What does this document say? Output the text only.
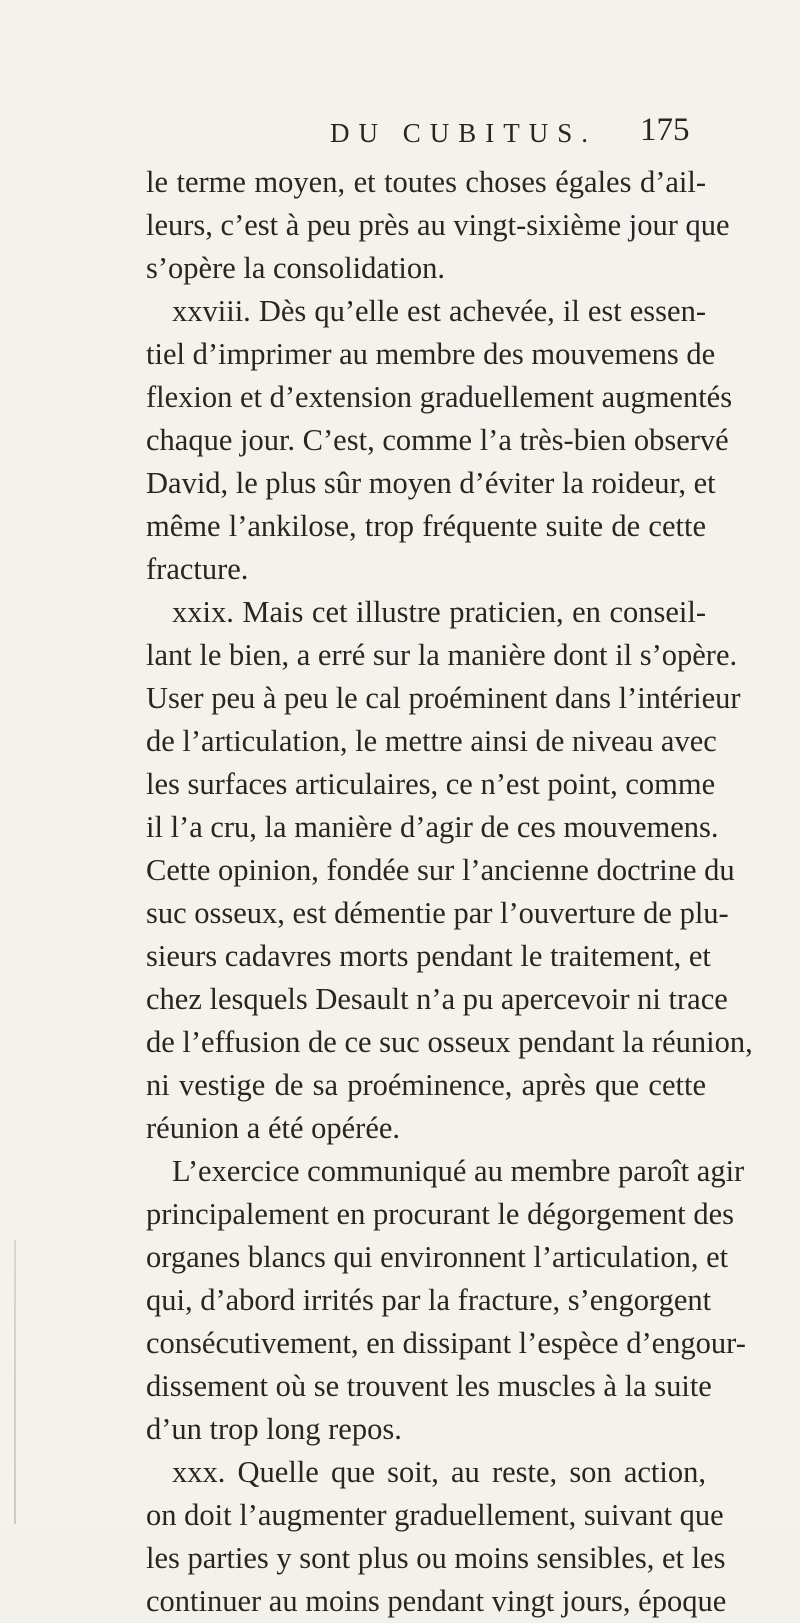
DU CUBITUS. 175
le terme moyen, et toutes choses égales d’ail-
leurs, c’est à peu près au vingt-sixième jour que
s’opère la consolidation.
xxviii. Dès qu’elle est achevée, il est essen-
tiel d’imprimer au membre des mouvemens de
flexion et d’extension graduellement augmentés
chaque jour. C’est, comme l’a très-bien observé
David, le plus sûr moyen d’éviter la roideur, et
même l’ankilose, trop fréquente suite de cette
fracture.
xxix. Mais cet illustre praticien, en conseil-
lant le bien, a erré sur la manière dont il s’opère.
User peu à peu le cal proéminent dans l’intérieur
de l’articulation, le mettre ainsi de niveau avec
les surfaces articulaires, ce n’est point, comme
il l’a cru, la manière d’agir de ces mouvemens.
Cette opinion, fondée sur l’ancienne doctrine du
suc osseux, est démentie par l’ouverture de plu-
sieurs cadavres morts pendant le traitement, et
chez lesquels Desault n’a pu apercevoir ni trace
de l’effusion de ce suc osseux pendant la réunion,
ni vestige de sa proéminence, après que cette
réunion a été opérée.
L’exercice communiqué au membre paroît agir
principalement en procurant le dégorgement des
organes blancs qui environnent l’articulation, et
qui, d’abord irrités par la fracture, s’engorgent
consécutivement, en dissipant l’espèce d’engour-
dissement où se trouvent les muscles à la suite
d’un trop long repos.
xxx. Quelle que soit, au reste, son action,
on doit l’augmenter graduellement, suivant que
les parties y sont plus ou moins sensibles, et les
continuer au moins pendant vingt jours, époque
